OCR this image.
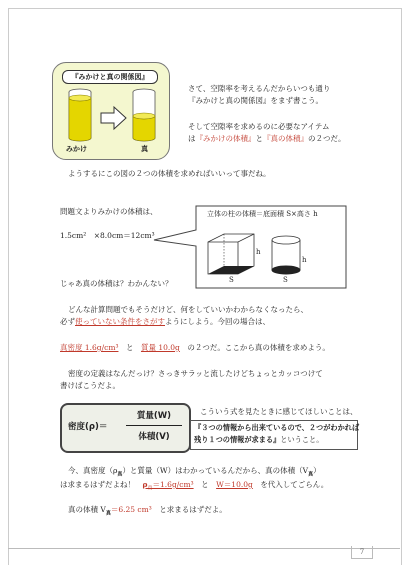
『みかけと真の関係図』
みかけ	真
さて、空隙率を考えるんだからいつも通り
『みかけと真の関係図』をまず書こう。
そして空隙率を求めるのに必要なアイテム
は『みかけの体積』と『真の体積』の２つだ。
ようするにこの図の２つの体積を求めればいいって事だね。
問題文よりみかけの体積は、
1.5cm²　×8.0cm＝12cm³
じゃあ真の体積は？わかんない？
立体の柱の体積＝底面積 S×高さ h
h
h
S	S
どんな計算問題でもそうだけど、何をしていいかわからなくなったら、
必ず使っていない条件をさがすようにしよう。今回の場合は、
真密度 1.6g/cm³　 と　 質量 10.0g　 の２つだ。ここから真の体積を求めよう。
密度の定義はなんだっけ？さっきサラッと流したけどちょっとカッコつけて
書けばこうだよ。
密度(ρ)＝
質量(W)
体積(V)
こういう式を見たときに感じてほしいことは、
『３つの情報から出来ているので、２つがわかれば
残り１つの情報が求まる』ということ。
今、真密度$(\rho_真)$と質量（W）はわかっているんだから、真の体積$(V_真)$
は求まるはずだよね！　 $\rho_真=1.6g$/cm³　 と　 W＝10.0g　 を代入してごらん。
真の体積 $V_真=6.25$ cm³　 と求まるはずだよ。
7
